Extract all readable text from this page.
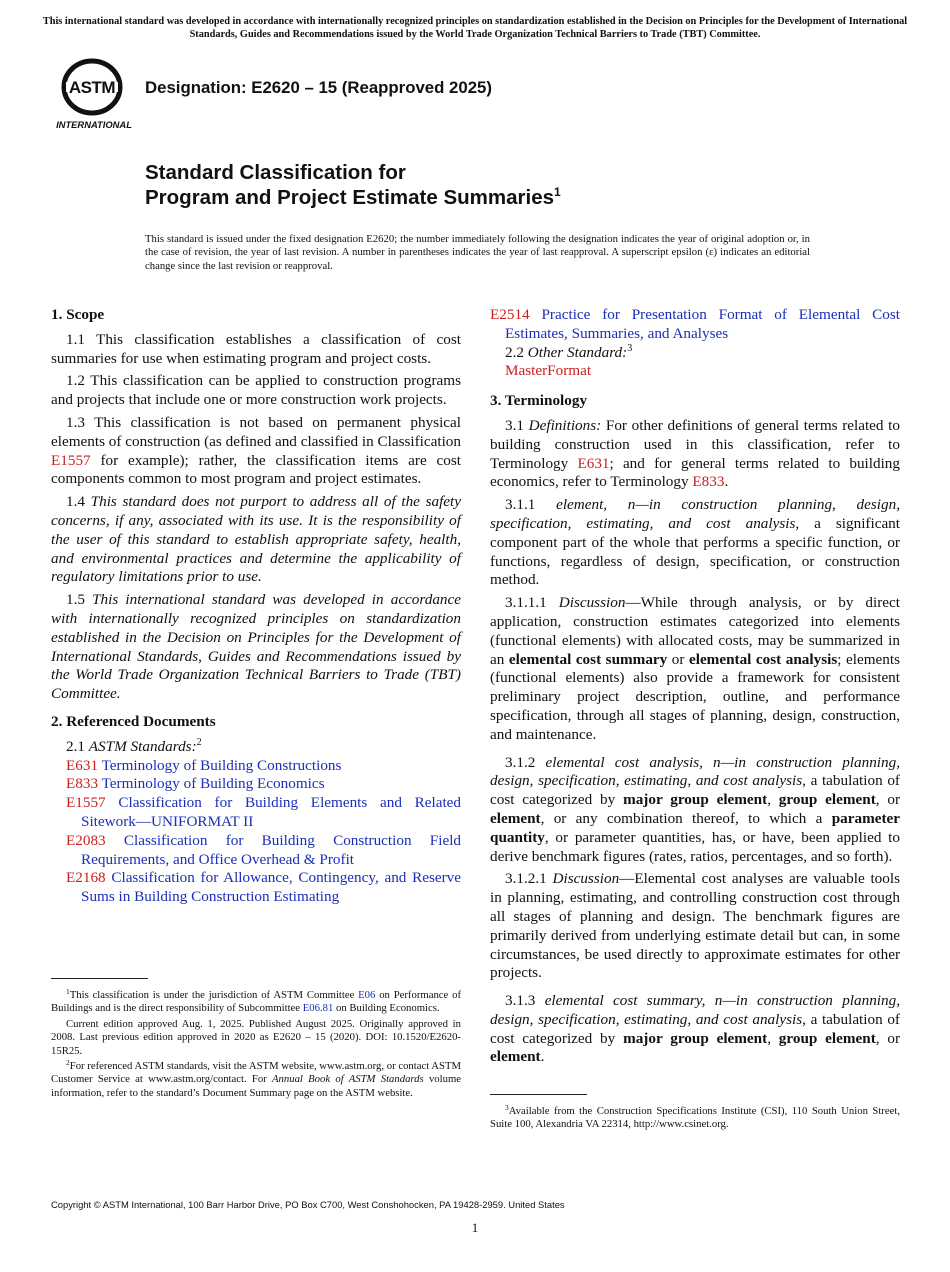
This international standard was developed in accordance with internationally recognized principles on standardization established in the Decision on Principles for the Development of International Standards, Guides and Recommendations issued by the World Trade Organization Technical Barriers to Trade (TBT) Committee.
ASTM
INTERNATIONAL
Designation: E2620 – 15 (Reapproved 2025)
Standard Classification for
Program and Project Estimate Summaries$^1$
This standard is issued under the fixed designation E2620; the number immediately following the designation indicates the year of original adoption or, in the case of revision, the year of last revision. A number in parentheses indicates the year of last reapproval. A superscript epsilon (ε) indicates an editorial change since the last revision or reapproval.
1. Scope
1.1 This classification establishes a classification of cost summaries for use when estimating program and project costs.
1.2 This classification can be applied to construction programs and projects that include one or more construction work projects.
1.3 This classification is not based on permanent physical elements of construction (as defined and classified in Classification E1557 for example); rather, the classification items are cost components common to most program and project estimates.
1.4 This standard does not purport to address all of the safety concerns, if any, associated with its use. It is the responsibility of the user of this standard to establish appropriate safety, health, and environmental practices and determine the applicability of regulatory limitations prior to use.
1.5 This international standard was developed in accordance with internationally recognized principles on standardization established in the Decision on Principles for the Development of International Standards, Guides and Recommendations issued by the World Trade Organization Technical Barriers to Trade (TBT) Committee.
2. Referenced Documents
2.1 ASTM Standards:$^2$
E631 Terminology of Building Constructions
E833 Terminology of Building Economics
E1557 Classification for Building Elements and Related Sitework—UNIFORMAT II
E2083 Classification for Building Construction Field Requirements, and Office Overhead & Profit
E2168 Classification for Allowance, Contingency, and Reserve Sums in Building Construction Estimating

$^1$This classification is under the jurisdiction of ASTM Committee E06 on Performance of Buildings and is the direct responsibility of Subcommittee E06.81 on Building Economics.

Current edition approved Aug. 1, 2025. Published August 2025. Originally approved in 2008. Last previous edition approved in 2020 as E2620 – 15 (2020). DOI: 10.1520/E2620-15R25.

$^2$For referenced ASTM standards, visit the ASTM website, www.astm.org, or contact ASTM Customer Service at www.astm.org/contact. For Annual Book of ASTM Standards volume information, refer to the standard’s Document Summary page on the ASTM website.

E2514 Practice for Presentation Format of Elemental Cost Estimates, Summaries, and Analyses
2.2 Other Standard:$^3$
MasterFormat
3. Terminology
3.1 Definitions: For other definitions of general terms related to building construction used in this classification, refer to Terminology E631; and for general terms related to building economics, refer to Terminology E833.
3.1.1 element, n—in construction planning, design, specification, estimating, and cost analysis, a significant component part of the whole that performs a specific function, or functions, regardless of design, specification, or construction method.
3.1.1.1 Discussion—While through analysis, or by direct application, construction estimates categorized into elements (functional elements) with allocated costs, may be summarized in an elemental cost summary or elemental cost analysis; elements (functional elements) also provide a framework for consistent preliminary project description, outline, and performance specification, through all stages of planning, design, construction, and maintenance.
3.1.2 elemental cost analysis, n—in construction planning, design, specification, estimating, and cost analysis, a tabulation of cost categorized by major group element, group element, or element, or any combination thereof, to which a parameter quantity, or parameter quantities, has, or have, been applied to derive benchmark figures (rates, ratios, percentages, and so forth).
3.1.2.1 Discussion—Elemental cost analyses are valuable tools in planning, estimating, and controlling construction cost through all stages of planning and design. The benchmark figures are primarily derived from underlying estimate detail but can, in some circumstances, be used directly to approximate estimates for other projects.
3.1.3 elemental cost summary, n—in construction planning, design, specification, estimating, and cost analysis, a tabulation of cost categorized by major group element, group element, or element.

$^3$Available from the Construction Specifications Institute (CSI), 110 South Union Street, Suite 100, Alexandria VA 22314, http://www.csinet.org.

Copyright © ASTM International, 100 Barr Harbor Drive, PO Box C700, West Conshohocken, PA 19428-2959. United States
1
